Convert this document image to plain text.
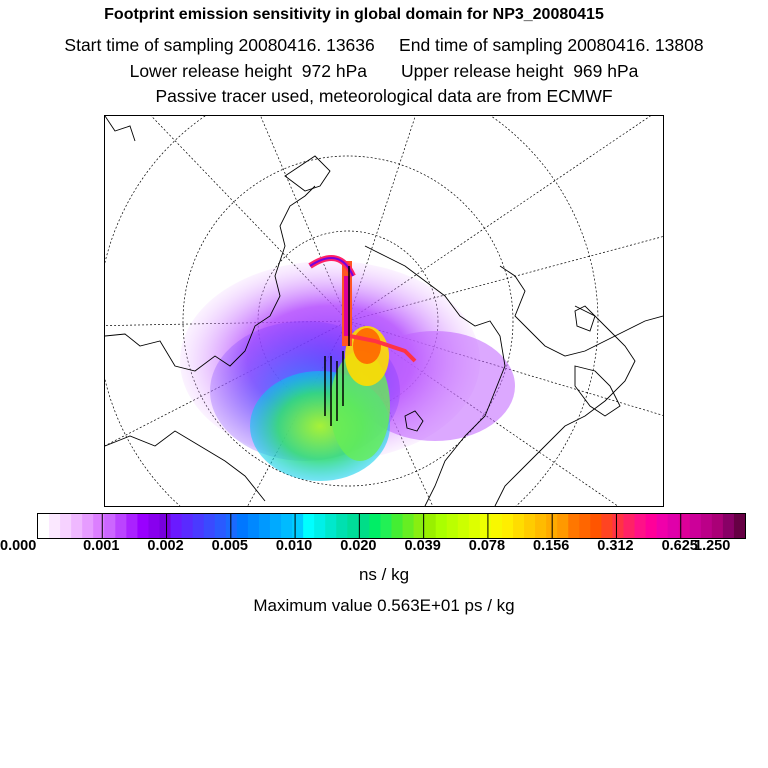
Footprint emission sensitivity in global domain for NP3_20080415
Start time of sampling 20080416. 13636     End time of sampling 20080416. 13808
Lower release height  972 hPa       Upper release height  969 hPa
Passive tracer used, meteorological data are from ECMWF
0.000	0.001 0.002 0.005 0.010 0.020 0.039 0.078 0.156 0.312 0.625
1.250
ns / kg
Maximum value 0.563E+01 ps / kg
